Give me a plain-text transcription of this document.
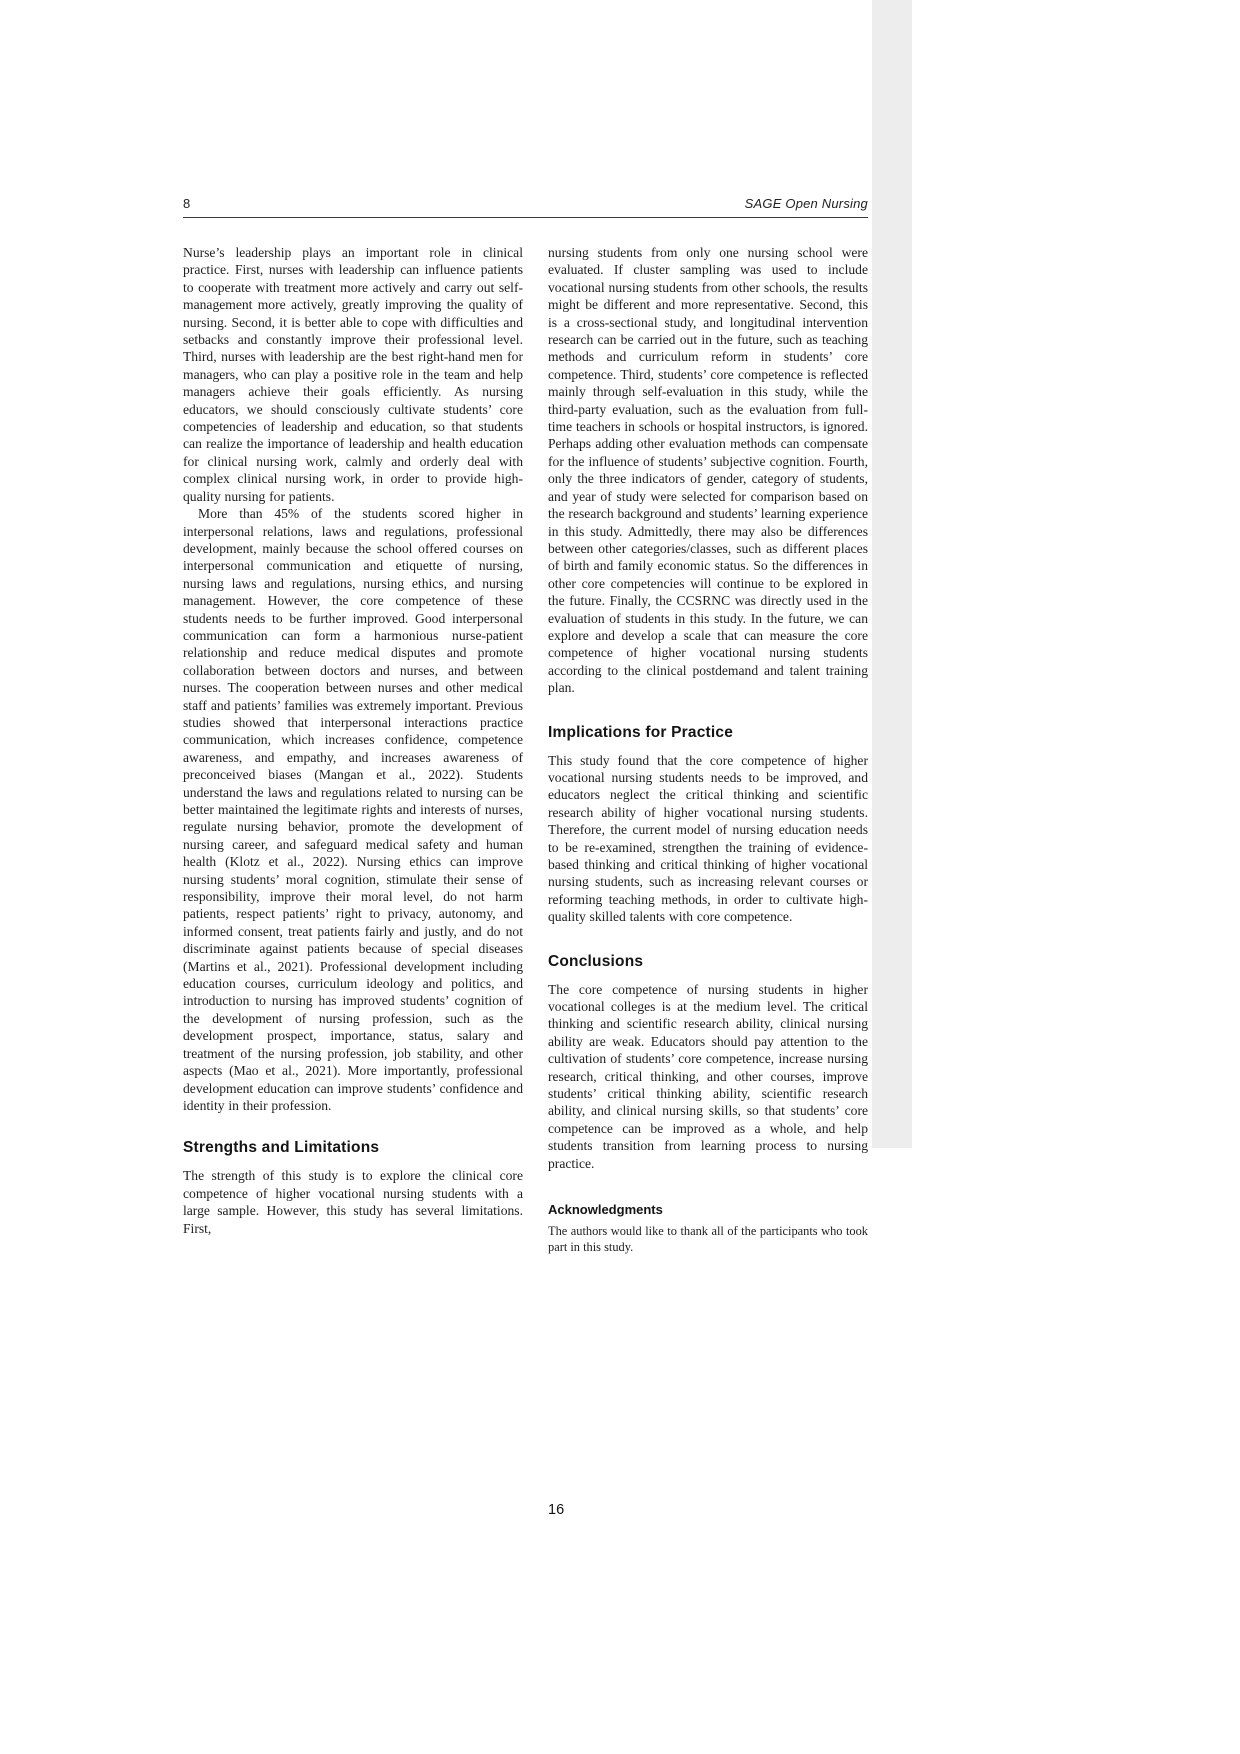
8	SAGE Open Nursing

Nurse’s leadership plays an important role in clinical practice. First, nurses with leadership can influence patients to cooperate with treatment more actively and carry out self-management more actively, greatly improving the quality of nursing. Second, it is better able to cope with difficulties and setbacks and constantly improve their professional level. Third, nurses with leadership are the best right-hand men for managers, who can play a positive role in the team and help managers achieve their goals efficiently. As nursing educators, we should consciously cultivate students’ core competencies of leadership and education, so that students can realize the importance of leadership and health education for clinical nursing work, calmly and orderly deal with complex clinical nursing work, in order to provide high-quality nursing for patients.

More than 45% of the students scored higher in interpersonal relations, laws and regulations, professional development, mainly because the school offered courses on interpersonal communication and etiquette of nursing, nursing laws and regulations, nursing ethics, and nursing management. However, the core competence of these students needs to be further improved. Good interpersonal communication can form a harmonious nurse-patient relationship and reduce medical disputes and promote collaboration between doctors and nurses, and between nurses. The cooperation between nurses and other medical staff and patients’ families was extremely important. Previous studies showed that interpersonal interactions practice communication, which increases confidence, competence awareness, and empathy, and increases awareness of preconceived biases (Mangan et al., 2022). Students understand the laws and regulations related to nursing can be better maintained the legitimate rights and interests of nurses, regulate nursing behavior, promote the development of nursing career, and safeguard medical safety and human health (Klotz et al., 2022). Nursing ethics can improve nursing students’ moral cognition, stimulate their sense of responsibility, improve their moral level, do not harm patients, respect patients’ right to privacy, autonomy, and informed consent, treat patients fairly and justly, and do not discriminate against patients because of special diseases (Martins et al., 2021). Professional development including education courses, curriculum ideology and politics, and introduction to nursing has improved students’ cognition of the development of nursing profession, such as the development prospect, importance, status, salary and treatment of the nursing profession, job stability, and other aspects (Mao et al., 2021). More importantly, professional development education can improve students’ confidence and identity in their profession.

Strengths and Limitations

The strength of this study is to explore the clinical core competence of higher vocational nursing students with a large sample. However, this study has several limitations. First,

nursing students from only one nursing school were evaluated. If cluster sampling was used to include vocational nursing students from other schools, the results might be different and more representative. Second, this is a cross-sectional study, and longitudinal intervention research can be carried out in the future, such as teaching methods and curriculum reform in students’ core competence. Third, students’ core competence is reflected mainly through self-evaluation in this study, while the third-party evaluation, such as the evaluation from full-time teachers in schools or hospital instructors, is ignored. Perhaps adding other evaluation methods can compensate for the influence of students’ subjective cognition. Fourth, only the three indicators of gender, category of students, and year of study were selected for comparison based on the research background and students’ learning experience in this study. Admittedly, there may also be differences between other categories/classes, such as different places of birth and family economic status. So the differences in other core competencies will continue to be explored in the future. Finally, the CCSRNC was directly used in the evaluation of students in this study. In the future, we can explore and develop a scale that can measure the core competence of higher vocational nursing students according to the clinical postdemand and talent training plan.

Implications for Practice

This study found that the core competence of higher vocational nursing students needs to be improved, and educators neglect the critical thinking and scientific research ability of higher vocational nursing students. Therefore, the current model of nursing education needs to be re-examined, strengthen the training of evidence-based thinking and critical thinking of higher vocational nursing students, such as increasing relevant courses or reforming teaching methods, in order to cultivate high-quality skilled talents with core competence.

Conclusions

The core competence of nursing students in higher vocational colleges is at the medium level. The critical thinking and scientific research ability, clinical nursing ability are weak. Educators should pay attention to the cultivation of students’ core competence, increase nursing research, critical thinking, and other courses, improve students’ critical thinking ability, scientific research ability, and clinical nursing skills, so that students’ core competence can be improved as a whole, and help students transition from learning process to nursing practice.

Acknowledgments

The authors would like to thank all of the participants who took part in this study.

16
